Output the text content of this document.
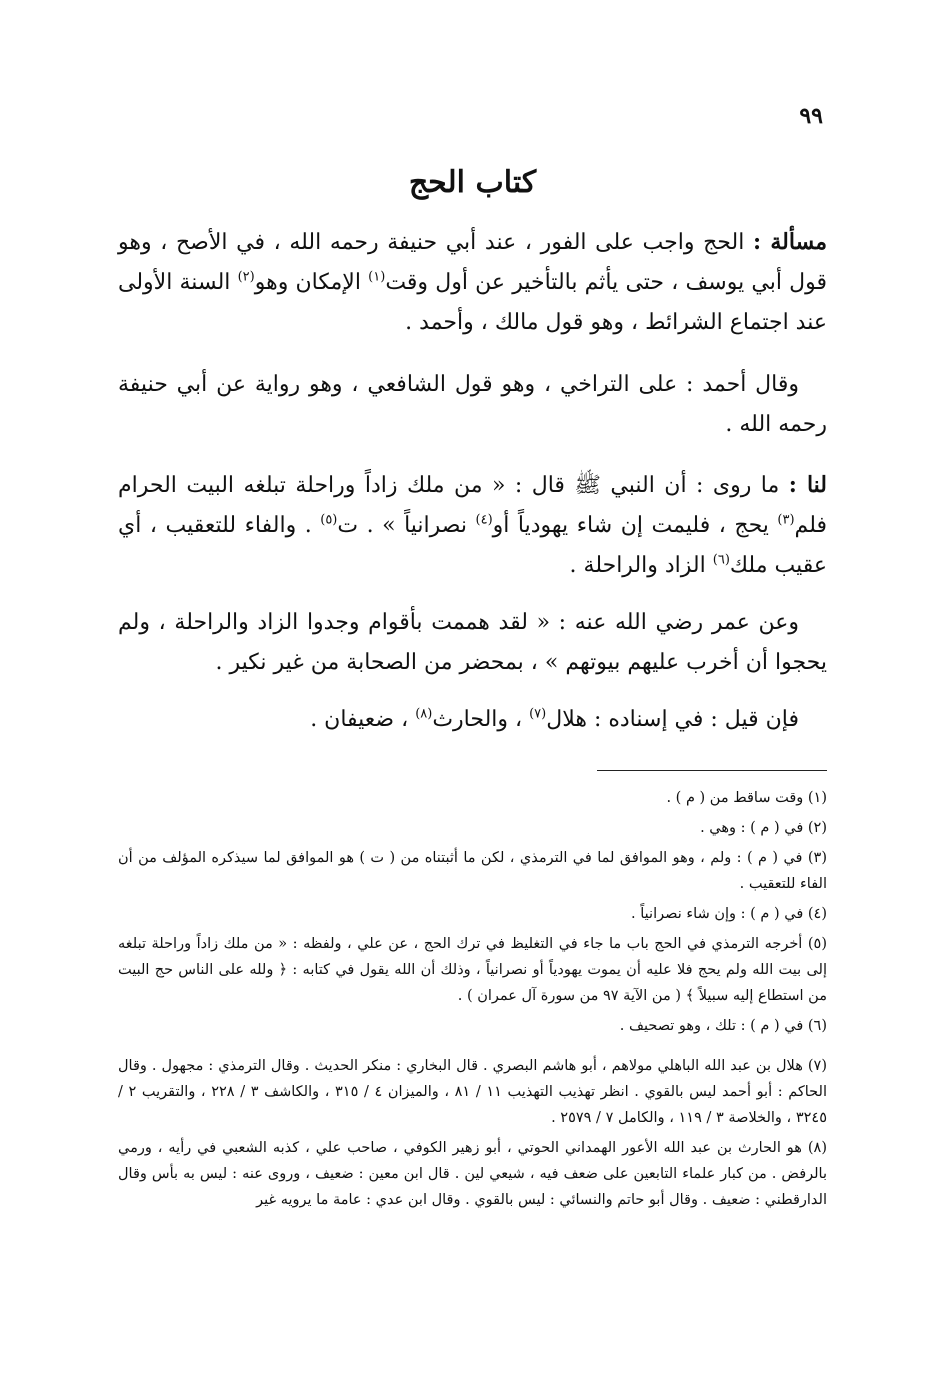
٩٩
كتاب الحج

مسألة : الحج واجب على الفور ، عند أبي حنيفة رحمه الله ، في الأصح ، وهو قول أبي يوسف ، حتى يأثم بالتأخير عن أول وقت$^{(١)}$ الإمكان وهو$^{(٢)}$ السنة الأولى عند اجتماع الشرائط ، وهو قول مالك ، وأحمد .

وقال أحمد : على التراخي ، وهو قول الشافعي ، وهو رواية عن أبي حنيفة رحمه الله .

لنا : ما روى : أن النبي ﷺ قال : « من ملك زاداً وراحلة تبلغه البيت الحرام فلم$^{(٣)}$ يحج ، فليمت إن شاء يهودياً أو$^{(٤)}$ نصرانياً » . ت$^{(٥)}$ . والفاء للتعقيب ، أي عقيب ملك$^{(٦)}$ الزاد والراحلة .

وعن عمر رضي الله عنه : « لقد هممت بأقوام وجدوا الزاد والراحلة ، ولم يحجوا أن أخرب عليهم بيوتهم » ، بمحضر من الصحابة من غير نكير .

فإن قيل : في إسناده : هلال$^{(٧)}$ ، والحارث$^{(٨)}$ ، ضعيفان .

(١) وقت ساقط من ( م ) .

(٢) في ( م ) : وهي .

(٣) في ( م ) : ولم ، وهو الموافق لما في الترمذي ، لكن ما أثبتناه من ( ت ) هو الموافق لما سيذكره المؤلف من أن الفاء للتعقيب .

(٤) في ( م ) : وإن شاء نصرانياً .

(٥) أخرجه الترمذي في الحج باب ما جاء في التغليظ في ترك الحج ، عن علي ، ولفظه : « من ملك زاداً وراحلة تبلغه إلى بيت الله ولم يحج فلا عليه أن يموت يهودياً أو نصرانياً ، وذلك أن الله يقول في كتابه : ﴿ ولله على الناس حج البيت من استطاع إليه سبيلاً ﴾ ( من الآية ٩٧ من سورة آل عمران ) .

(٦) في ( م ) : تلك ، وهو تصحيف .

(٧) هلال بن عبد الله الباهلي مولاهم ، أبو هاشم البصري . قال البخاري : منكر الحديث . وقال الترمذي : مجهول . وقال الحاكم : أبو أحمد ليس بالقوي . انظر تهذيب التهذيب ١١ / ٨١ ، والميزان ٤ / ٣١٥ ، والكاشف ٣ / ٢٢٨ ، والتقريب ٢ / ٣٢٤٥ ، والخلاصة ٣ / ١١٩ ، والكامل ٧ / ٢٥٧٩ .

(٨) هو الحارث بن عبد الله الأعور الهمداني الحوتي ، أبو زهير الكوفي ، صاحب علي ، كذبه الشعبي في رأيه ، ورمي بالرفض . من كبار علماء التابعين على ضعف فيه ، شيعي لين . قال ابن معين : ضعيف ، وروى عنه : ليس به بأس وقال الدارقطني : ضعيف . وقال أبو حاتم والنسائي : ليس بالقوي . وقال ابن عدي : عامة ما يرويه غير
